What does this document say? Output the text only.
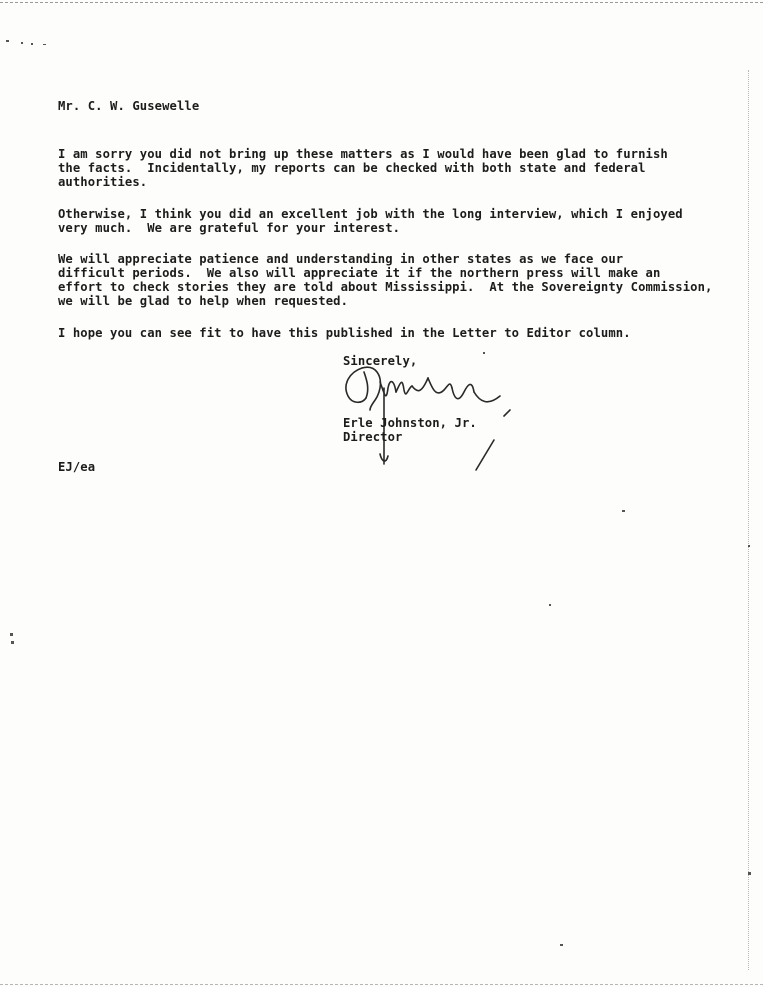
Mr. C. W. Gusewelle

I am sorry you did not bring up these matters as I would have been glad to furnish
the facts.  Incidentally, my reports can be checked with both state and federal
authorities.

Otherwise, I think you did an excellent job with the long interview, which I enjoyed
very much.  We are grateful for your interest.

We will appreciate patience and understanding in other states as we face our
difficult periods.  We also will appreciate it if the northern press will make an
effort to check stories they are told about Mississippi.  At the Sovereignty Commission,
we will be glad to help when requested.

I hope you can see fit to have this published in the Letter to Editor column.

Sincerely,

Erle Johnston, Jr.

Director

EJ/ea
